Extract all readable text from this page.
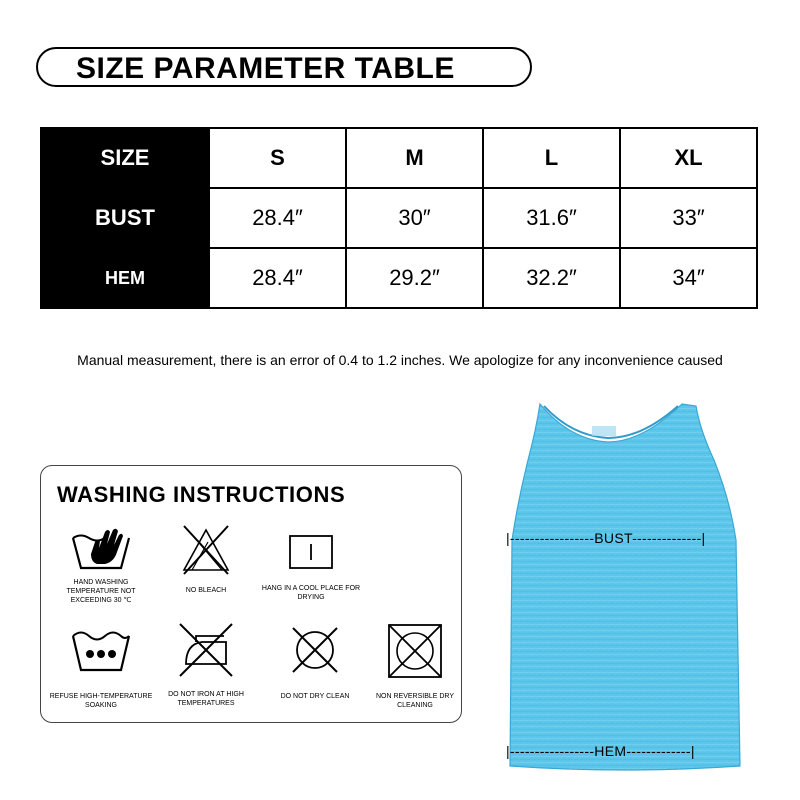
SIZE PARAMETER TABLE
SIZE	S	M	L	XL
BUST	28.4″	30″	31.6″	33″
HEM	28.4″	29.2″	32.2″	34″
Manual measurement, there is an error of 0.4 to 1.2 inches. We apologize for any inconvenience caused
WASHING INSTRUCTIONS
HAND WASHING TEMPERATURE NOT EXCEEDING 30 ℃
NO BLEACH	HANG IN A COOL PLACE FOR DRYING
REFUSE HIGH-TEMPERATURE SOAKING
DO NOT IRON AT HIGH TEMPERATURES
DO NOT DRY CLEAN	NON REVERSIBLE DRY CLEANING
|-----------------BUST--------------|
|-----------------HEM-------------|
